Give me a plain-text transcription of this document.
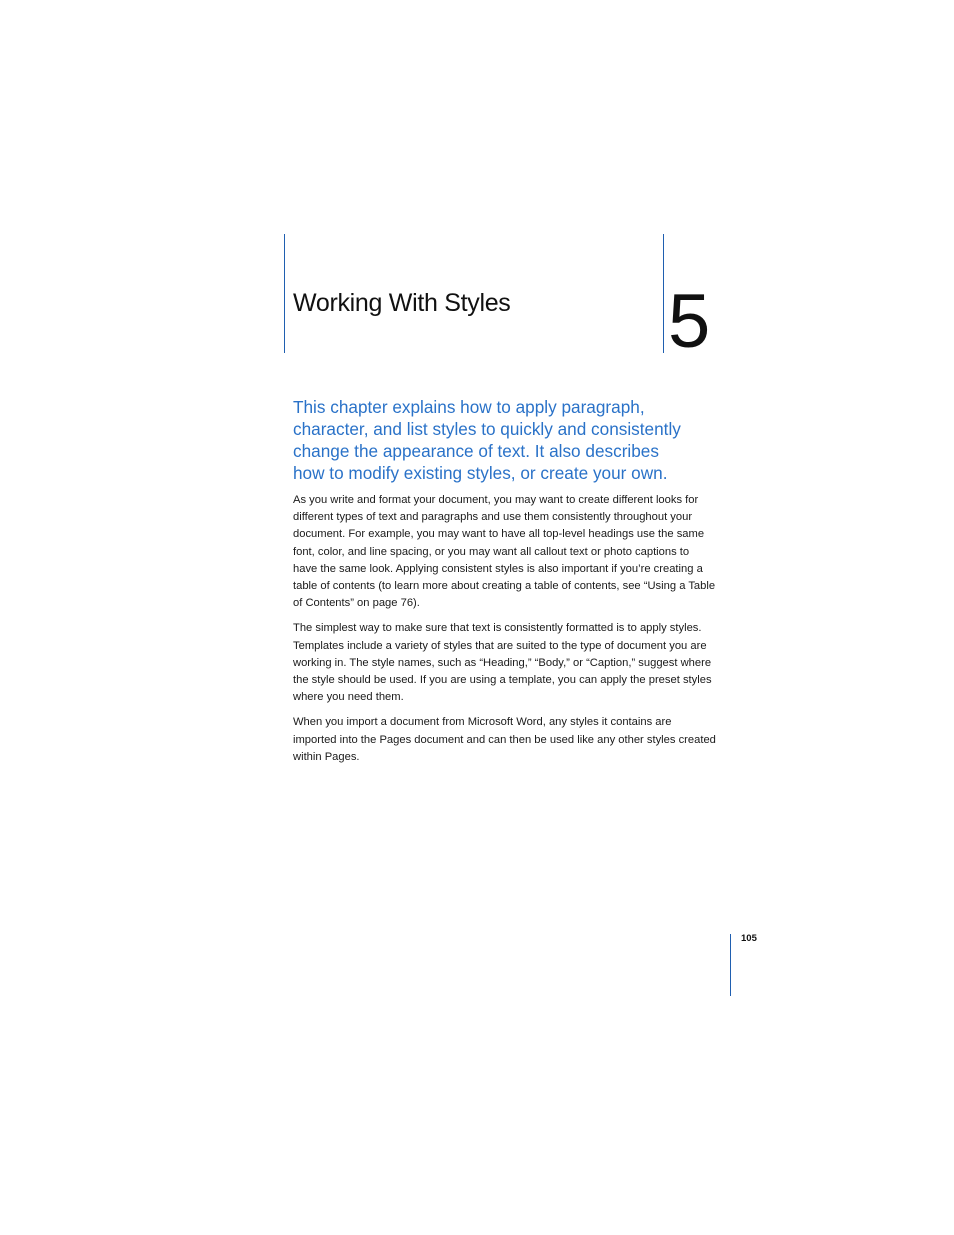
Working With Styles 5

This chapter explains how to apply paragraph,
character, and list styles to quickly and consistently
change the appearance of text. It also describes
how to modify existing styles, or create your own.

As you write and format your document, you may want to create different looks for
different types of text and paragraphs and use them consistently throughout your
document. For example, you may want to have all top-level headings use the same
font, color, and line spacing, or you may want all callout text or photo captions to
have the same look. Applying consistent styles is also important if you’re creating a
table of contents (to learn more about creating a table of contents, see “Using a Table
of Contents” on page 76).

The simplest way to make sure that text is consistently formatted is to apply styles.
Templates include a variety of styles that are suited to the type of document you are
working in. The style names, such as “Heading,” “Body,” or “Caption,” suggest where
the style should be used. If you are using a template, you can apply the preset styles
where you need them.

When you import a document from Microsoft Word, any styles it contains are
imported into the Pages document and can then be used like any other styles created
within Pages.

105
